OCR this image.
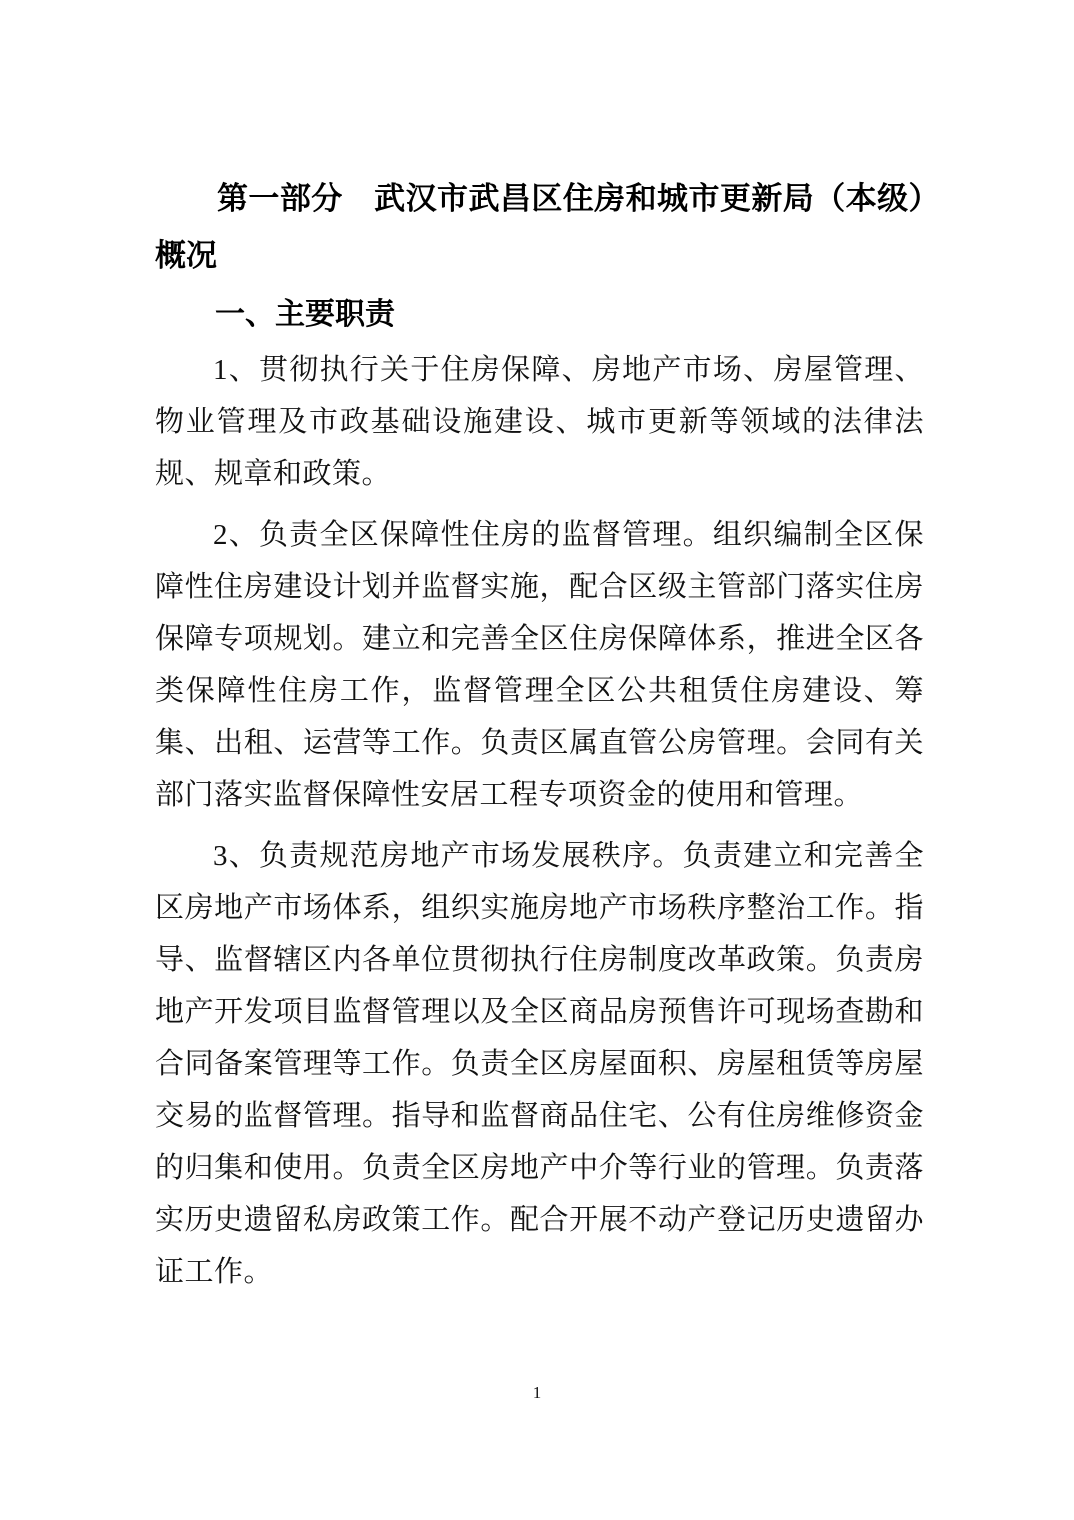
第一部分　武汉市武昌区住房和城市更新局（本级）概况
一、主要职责

1、贯彻执行关于住房保障、房地产市场、房屋管理、物业管理及市政基础设施建设、城市更新等领域的法律法规、规章和政策。

2、负责全区保障性住房的监督管理。组织编制全区保障性住房建设计划并监督实施，配合区级主管部门落实住房保障专项规划。建立和完善全区住房保障体系，推进全区各类保障性住房工作，监督管理全区公共租赁住房建设、筹集、出租、运营等工作。负责区属直管公房管理。会同有关部门落实监督保障性安居工程专项资金的使用和管理。

3、负责规范房地产市场发展秩序。负责建立和完善全区房地产市场体系，组织实施房地产市场秩序整治工作。指导、监督辖区内各单位贯彻执行住房制度改革政策。负责房地产开发项目监督管理以及全区商品房预售许可现场查勘和合同备案管理等工作。负责全区房屋面积、房屋租赁等房屋交易的监督管理。指导和监督商品住宅、公有住房维修资金的归集和使用。负责全区房地产中介等行业的管理。负责落实历史遗留私房政策工作。配合开展不动产登记历史遗留办证工作。

1
